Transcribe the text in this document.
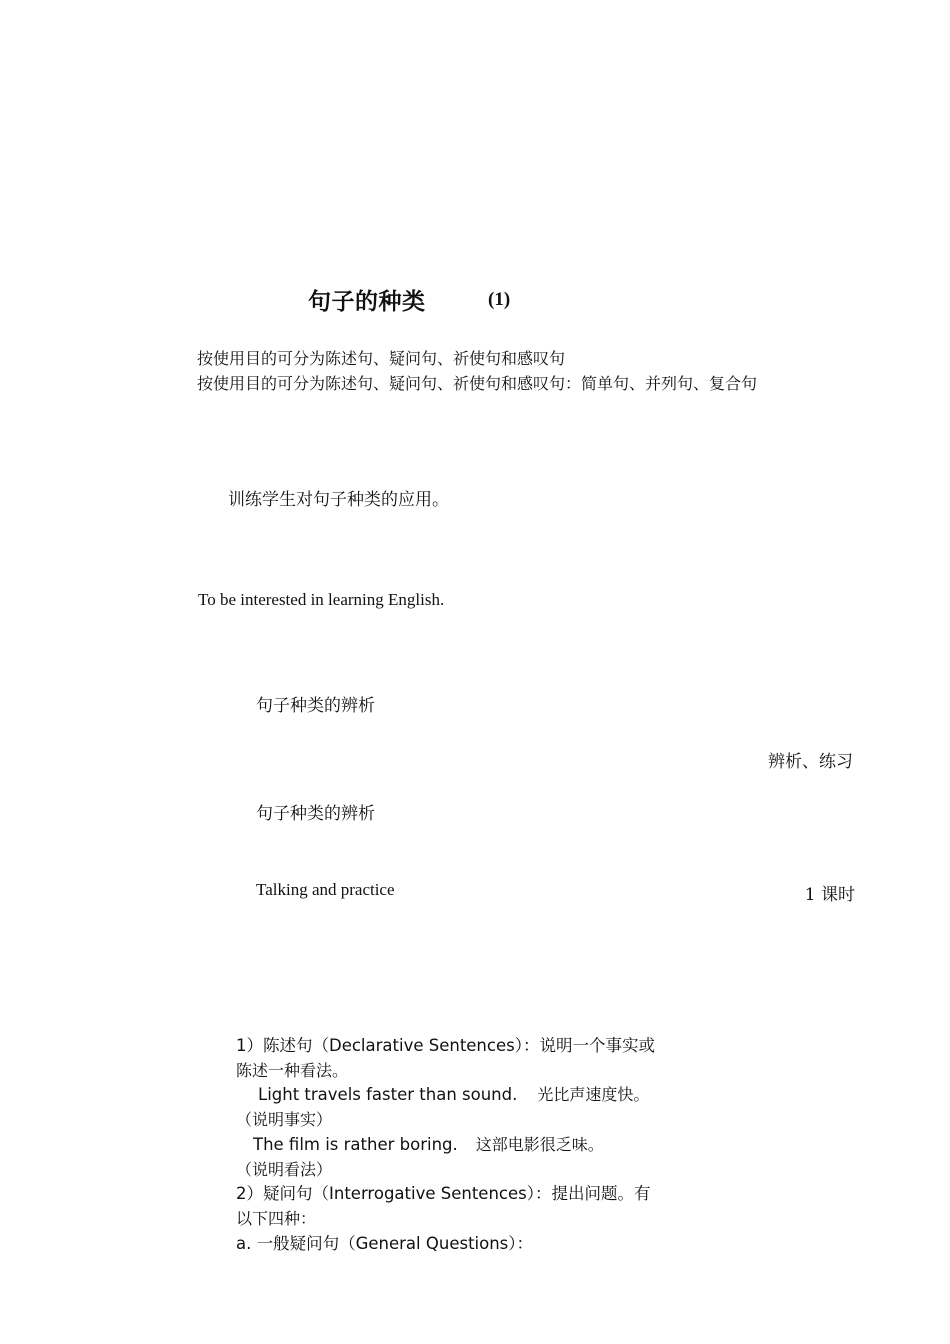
句子的种类	(1)
按使用目的可分为陈述句、疑问句、祈使句和感叹句
按使用目的可分为陈述句、疑问句、祈使句和感叹句：简单句、并列句、复合句
训练学生对句子种类的应用。
To be interested in learning English.
句子种类的辨析
辨析、练习
句子种类的辨析
Talking and practice	1 课时
1）陈述句（Declarative Sentences）：说明一个事实或
陈述一种看法。
Light travels faster than sound. 光比声速度快。
（说明事实）
The film is rather boring. 这部电影很乏味。
（说明看法）
2）疑问句（Interrogative Sentences）：提出问题。有
以下四种：
a. 一般疑问句（General Questions）：
